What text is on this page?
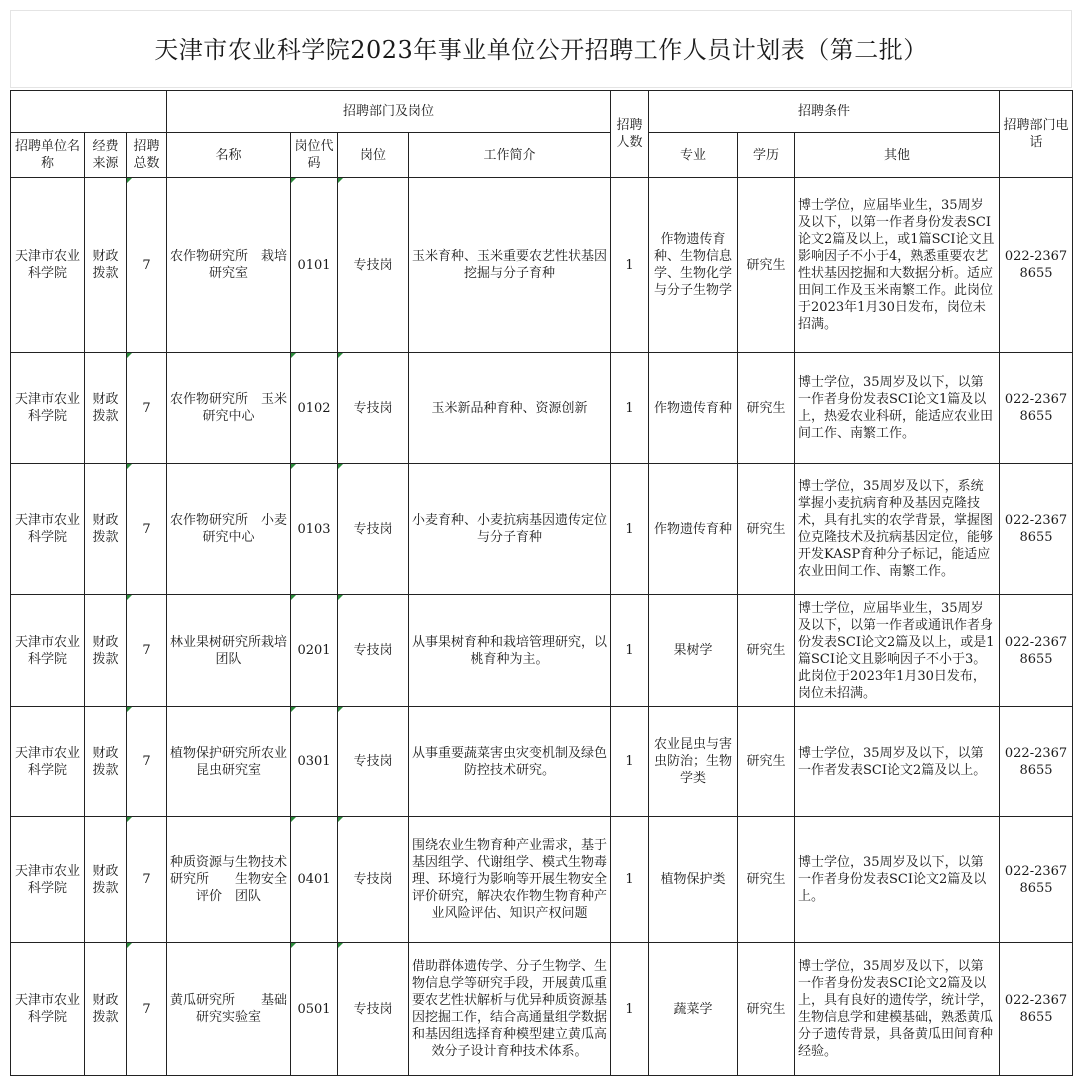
天津市农业科学院2023年事业单位公开招聘工作人员计划表（第二批）
			招聘部门及岗位				招聘人数	招聘条件			招聘部门电话
招聘单位名称	经费来源	招聘总数	名称	岗位代码	岗位	工作简介		专业	学历	其他	
天津市农业科学院	财政拨款	7	农作物研究所　栽培研究室	0101	专技岗	玉米育种、玉米重要农艺性状基因挖掘与分子育种	1	作物遗传育种、生物信息学、生物化学与分子生物学	研究生	博士学位，应届毕业生，35周岁及以下，以第一作者身份发表SCI论文2篇及以上，或1篇SCI论文且影响因子不小于4，熟悉重要农艺性状基因挖掘和大数据分析。适应田间工作及玉米南繁工作。此岗位于2023年1月30日发布，岗位未招满。	022-23678655
天津市农业科学院	财政拨款	7	农作物研究所　玉米研究中心	0102	专技岗	玉米新品种育种、资源创新	1	作物遗传育种	研究生	博士学位，35周岁及以下，以第一作者身份发表SCI论文1篇及以上，热爱农业科研，能适应农业田间工作、南繁工作。	022-23678655
天津市农业科学院	财政拨款	7	农作物研究所　小麦研究中心	0103	专技岗	小麦育种、小麦抗病基因遗传定位与分子育种	1	作物遗传育种	研究生	博士学位，35周岁及以下，系统掌握小麦抗病育种及基因克隆技术，具有扎实的农学背景，掌握图位克隆技术及抗病基因定位，能够开发KASP育种分子标记，能适应农业田间工作、南繁工作。	022-23678655
天津市农业科学院	财政拨款	7	林业果树研究所栽培团队	0201	专技岗	从事果树育种和栽培管理研究，以桃育种为主。	1	果树学	研究生	博士学位，应届毕业生，35周岁及以下，以第一作者或通讯作者身份发表SCI论文2篇及以上，或是1篇SCI论文且影响因子不小于3。此岗位于2023年1月30日发布，岗位未招满。	022-23678655
天津市农业科学院	财政拨款	7	植物保护研究所农业昆虫研究室	0301	专技岗	从事重要蔬菜害虫灾变机制及绿色防控技术研究。	1	农业昆虫与害虫防治；生物学类	研究生	博士学位，35周岁及以下，以第一作者发表SCI论文2篇及以上。	022-23678655
天津市农业科学院	财政拨款	7	种质资源与生物技术研究所　　生物安全评价　团队	0401	专技岗	围绕农业生物育种产业需求，基于基因组学、代谢组学、模式生物毒理、环境行为影响等开展生物安全评价研究，解决农作物生物育种产业风险评估、知识产权问题	1	植物保护类	研究生	博士学位，35周岁及以下，以第一作者身份发表SCI论文2篇及以上。	022-23678655
天津市农业科学院	财政拨款	7	黄瓜研究所　　基础研究实验室	0501	专技岗	借助群体遗传学、分子生物学、生物信息学等研究手段，开展黄瓜重要农艺性状解析与优异种质资源基因挖掘工作，结合高通量组学数据和基因组选择育种模型建立黄瓜高效分子设计育种技术体系。	1	蔬菜学	研究生	博士学位，35周岁及以下，以第一作者身份发表SCI论文2篇及以上，具有良好的遗传学，统计学，生物信息学和建模基础，熟悉黄瓜分子遗传背景，具备黄瓜田间育种经验。	022-23678655
